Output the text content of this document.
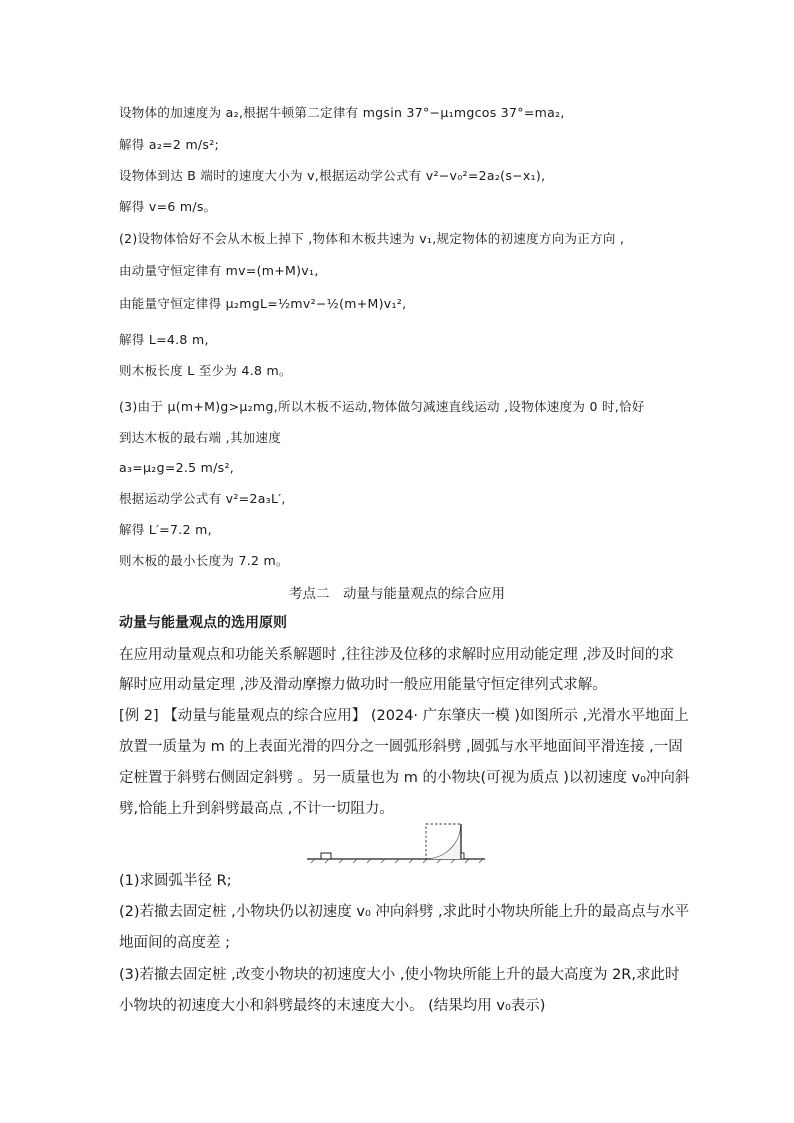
设物体的加速度为 a₂,根据牛顿第二定律有 mgsin 37°−μ₁mgcos 37°=ma₂,
解得 a₂=2 m/s²;
设物体到达 B 端时的速度大小为 v,根据运动学公式有 v²−v₀²=2a₂(s−x₁),
解得 v=6 m/s。
(2)设物体恰好不会从木板上掉下 ,物体和木板共速为 v₁,规定物体的初速度方向为正方向 ,
由动量守恒定律有 mv=(m+M)v₁,
由能量守恒定律得 μ₂mgL=½mv²−½(m+M)v₁²,
解得 L=4.8 m,
则木板长度 L 至少为 4.8 m。
(3)由于 μ(m+M)g>μ₂mg,所以木板不运动,物体做匀减速直线运动 ,设物体速度为 0 时,恰好
到达木板的最右端 ,其加速度
a₃=μ₂g=2.5 m/s²,
根据运动学公式有 v²=2a₃L′,
解得 L′=7.2 m,
则木板的最小长度为 7.2 m。
考点二　动量与能量观点的综合应用
动量与能量观点的选用原则
在应用动量观点和功能关系解题时 ,往往涉及位移的求解时应用动能定理 ,涉及时间的求
解时应用动量定理 ,涉及滑动摩擦力做功时一般应用能量守恒定律列式求解。
[例 2] 【动量与能量观点的综合应用】 (2024· 广东肇庆一模 )如图所示 ,光滑水平地面上
放置一质量为 m 的上表面光滑的四分之一圆弧形斜劈 ,圆弧与水平地面间平滑连接 ,一固
定桩置于斜劈右侧固定斜劈 。另一质量也为 m 的小物块(可视为质点 )以初速度 v₀冲向斜
劈,恰能上升到斜劈最高点 ,不计一切阻力。
(1)求圆弧半径 R;
(2)若撤去固定桩 ,小物块仍以初速度 v₀ 冲向斜劈 ,求此时小物块所能上升的最高点与水平
地面间的高度差 ;
(3)若撤去固定桩 ,改变小物块的初速度大小 ,使小物块所能上升的最大高度为 2R,求此时
小物块的初速度大小和斜劈最终的末速度大小。 (结果均用 v₀表示)
